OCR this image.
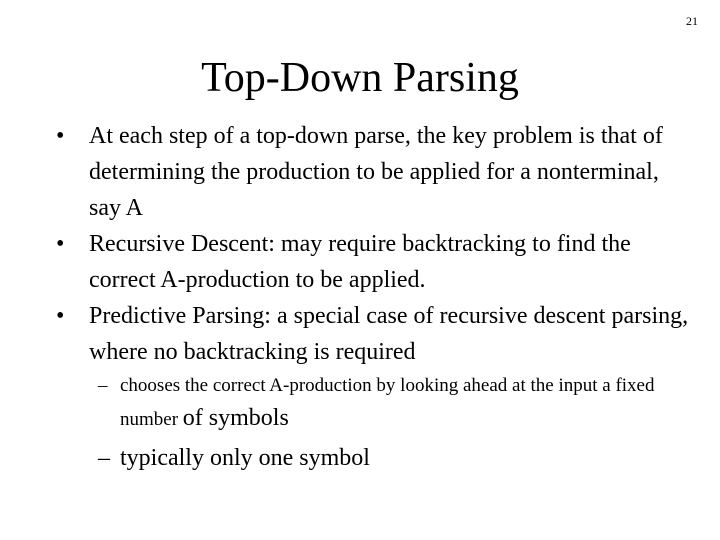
21
Top-Down Parsing
•	At each step of a top-down parse, the key problem is that of determining the production to be applied for a nonterminal, say A
•	Recursive Descent: may require backtracking to find the correct A-production to be applied.
•	Predictive Parsing: a special case of recursive descent parsing, where no backtracking is required
– chooses the correct A-production by looking ahead at the input a fixed number of symbols
– typically only one symbol
